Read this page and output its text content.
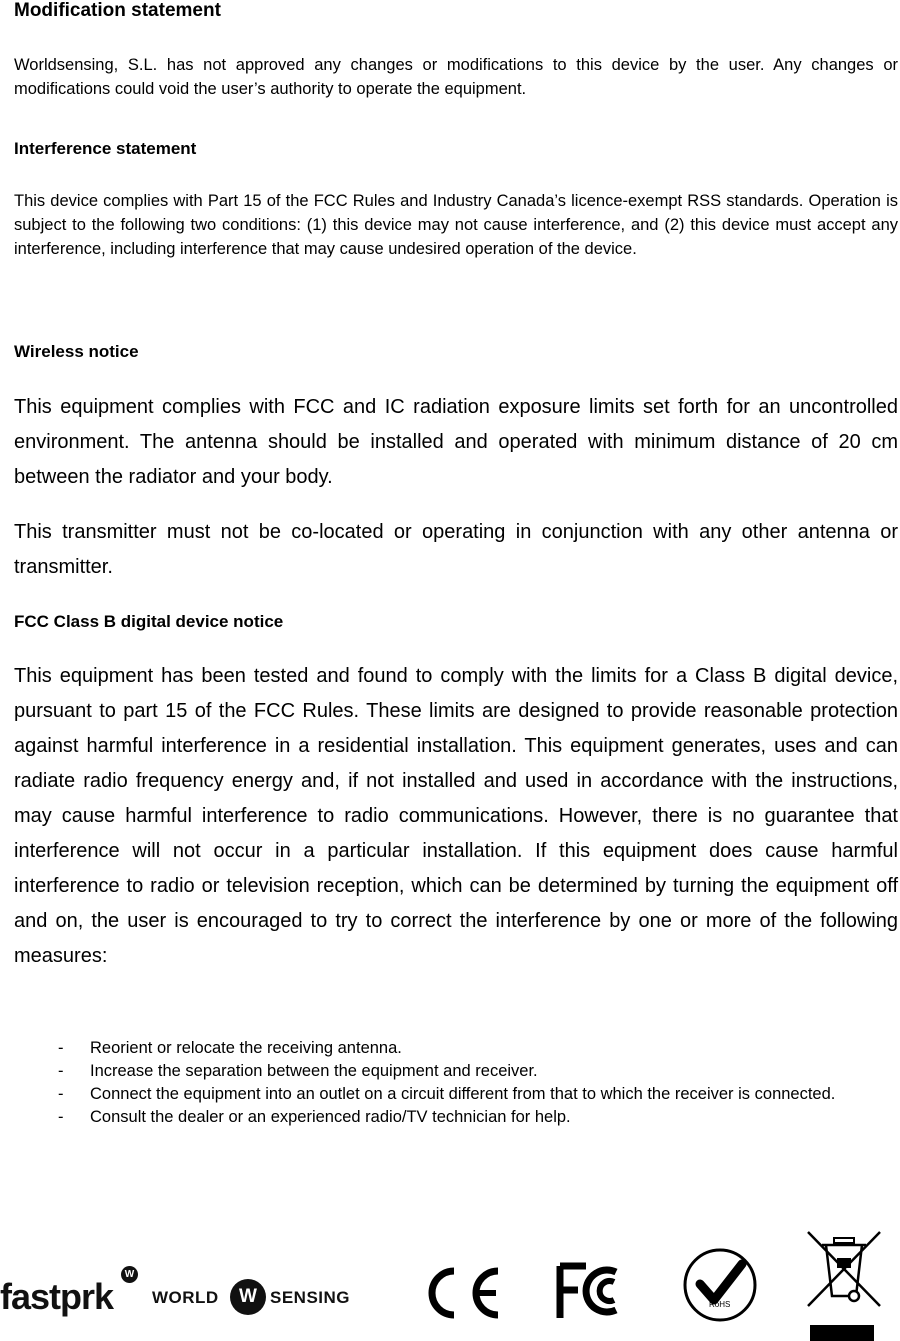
Modification statement

Worldsensing, S.L. has not approved any changes or modifications to this device by the user. Any changes or modifications could void the user’s authority to operate the equipment.

Interference statement

This device complies with Part 15 of the FCC Rules and Industry Canada’s licence-exempt RSS standards. Operation is subject to the following two conditions: (1) this device may not cause interference, and (2) this device must accept any interference, including interference that may cause undesired operation of the device.

Wireless notice

This equipment complies with FCC and IC radiation exposure limits set forth for an uncontrolled environment. The antenna should be installed and operated with minimum distance of 20 cm between the radiator and your body.

This transmitter must not be co-located or operating in conjunction with any other antenna or transmitter.

FCC Class B digital device notice

This equipment has been tested and found to comply with the limits for a Class B digital device, pursuant to part 15 of the FCC Rules. These limits are designed to provide reasonable protection against harmful interference in a residential installation. This equipment generates, uses and can radiate radio frequency energy and, if not installed and used in accordance with the instructions, may cause harmful interference to radio communications. However, there is no guarantee that interference will not occur in a particular installation. If this equipment does cause harmful interference to radio or television reception, which can be determined by turning the equipment off and on, the user is encouraged to try to correct the interference by one or more of the following measures:

- Reorient or relocate the receiving antenna.
- Increase the separation between the equipment and receiver.
- Connect the equipment into an outlet on a circuit different from that to which the receiver is connected.
- Consult the dealer or an experienced radio/TV technician for help.
fastprk
W
WORLD	W SENSING	RoHS
